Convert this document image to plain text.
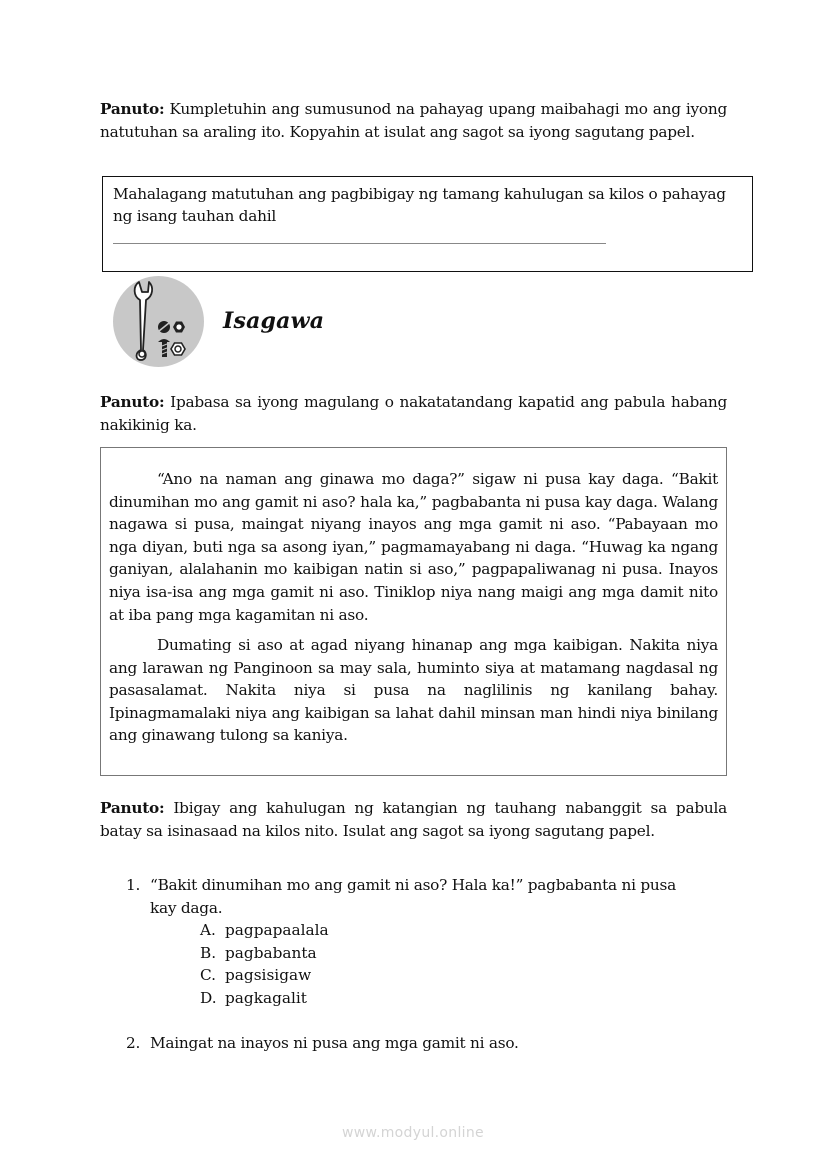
Panuto: Kumpletuhin ang sumusunod na pahayag upang maibahagi mo ang iyong natutuhan sa araling ito. Kopyahin at isulat ang sagot sa iyong sagutang papel.
Mahalagang matutuhan ang pagbibigay ng tamang kahulugan sa kilos o pahayag ng isang tauhan dahil
Isagawa
Panuto: Ipabasa sa iyong magulang o nakatatandang kapatid ang pabula habang nakikinig ka.

“Ano na naman ang ginawa mo daga?” sigaw ni pusa kay daga. “Bakit dinumihan mo ang gamit ni aso? hala ka,” pagbabanta ni pusa kay daga. Walang nagawa si pusa, maingat niyang inayos ang mga gamit ni aso. “Pabayaan mo nga diyan, buti nga sa asong iyan,” pagmamayabang ni daga. “Huwag ka ngang ganiyan, alalahanin mo kaibigan natin si aso,” pagpapaliwanag ni pusa. Inayos niya isa-isa ang mga gamit ni aso. Tiniklop niya nang maigi ang mga damit nito at iba pang mga kagamitan ni aso.

Dumating si aso at agad niyang hinanap ang mga kaibigan. Nakita niya ang larawan ng Panginoon sa may sala, huminto siya at matamang nagdasal ng pasasalamat. Nakita niya si pusa na naglilinis ng kanilang bahay. Ipinagmamalaki niya ang kaibigan sa lahat dahil minsan man hindi niya binilang ang ginawang tulong sa kaniya.

Panuto: Ibigay ang kahulugan ng katangian ng tauhang nabanggit sa pabula batay sa isinasaad na kilos nito. Isulat ang sagot sa iyong sagutang papel.
1. “Bakit dinumihan mo ang gamit ni aso? Hala ka!” pagbabanta ni pusa kay daga.
A. pagpapaalala
B. pagbabanta
C. pagsisigaw
D. pagkagalit
2. Maingat na inayos ni pusa ang mga gamit ni aso.
www.modyul.online
